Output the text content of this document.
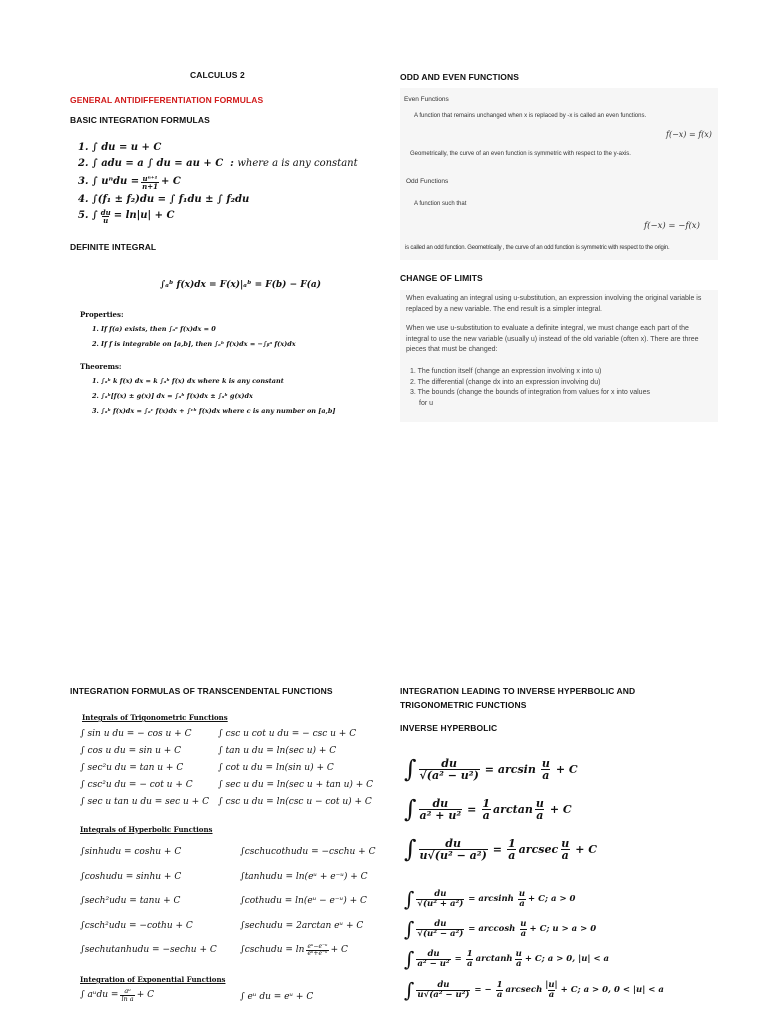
CALCULUS 2
GENERAL ANTIDIFFERENTIATION FORMULAS
BASIC INTEGRATION FORMULAS
1. ∫ du = u + C
2. ∫ adu = a ∫ du = au + C  : where a is any constant
3. ∫ $u^ndu = \frac{\text{uⁿ⁺¹}}{n+1} + C$
4. ∫(f₁ ± f₂)du = ∫ f₁du ± ∫ f₂du
5. ∫ $\frac{du}{u} = \ln|u| + C$
DEFINITE INTEGRAL
∫ₐᵇ f(x)dx = F(x)|ₐᵇ = F(b) − F(a)
Properties:
1. If f(a) exists, then ∫ₐᵃ f(x)dx = 0
2. If f is integrable on [a,b], then ∫ₐᵇ f(x)dx = −∫ᵦᵃ f(x)dx
Theorems:
1. ∫ₐᵇ k f(x) dx = k ∫ₐᵇ f(x) dx where k is any constant
2. ∫ₐᵇ[f(x) ± g(x)] dx = ∫ₐᵇ f(x)dx ± ∫ₐᵇ g(x)dx
3. ∫ₐᵇ f(x)dx = ∫ₐᶜ f(x)dx + ∫ᶜᵇ f(x)dx where c is any number on [a,b]
ODD AND EVEN FUNCTIONS
Even Functions
A function that remains unchanged when x is replaced by -x is called an even functions.
f(−x) = f(x)
Geometrically, the curve of an even function is symmetric with respect to the y-axis.
Odd Functions
A function such that
f(−x) = −f(x)
is called an odd function. Geometrically , the curve of an odd function is symmetric with respect to the origin.
CHANGE OF LIMITS
When evaluating an integral using u-substitution, an expression involving the original variable is replaced by a new variable. The end result is a simpler integral.
When we use u-substitution to evaluate a definite integral, we must change each part of the integral to use the new variable (usually u) instead of the old variable (often x). There are three pieces that must be changed:
1. The function itself (change an expression involving x into u)
2. The differential (change dx into an expression involving du)
3. The bounds (change the bounds of integration from values for x into values
for u
INTEGRATION FORMULAS OF TRANSCENDENTAL FUNCTIONS
Integrals of Trigonometric Functions
∫ sin u du = − cos u + C
∫ cos u du = sin u + C
∫ sec²u du = tan u + C
∫ csc²u du = − cot u + C
∫ sec u tan u du = sec u + C
∫ csc u cot u du = − csc u + C
∫ tan u du = ln(sec u) + C
∫ cot u du = ln(sin u) + C
∫ sec u du = ln(sec u + tan u) + C
∫ csc u du = ln(csc u − cot u) + C
Integrals of Hyperbolic Functions
∫sinhudu = coshu + C
∫coshudu = sinhu + C
∫sech²udu = tanu + C
∫csch²udu = −cothu + C
∫sechutanhudu = −sechu + C
∫cschucothudu = −cschu + C
∫tanhudu = ln(eᵘ + e⁻ᵘ) + C
∫cothudu = ln(eᵘ − e⁻ᵘ) + C
∫sechudu = 2arctan eᵘ + C
∫cschudu = ln eᵘ−e⁻ᵘ
eᵘ+e⁻ᵘ + C
Integration of Exponential Functions
∫ aᵘdu = $\frac{\text{aᵘ}}{\text{ln a}} + C$	∫ eᵘ du = eᵘ + C
INTEGRATION LEADING TO INVERSE HYPERBOLIC AND
TRIGONOMETRIC FUNCTIONS
INVERSE HYPERBOLIC
∫ $\frac{du}{\text{√(a² − u²)}} = \arcsin u$
a + C
∫ $\frac{du}{\text{a² + u²}} = \frac{1}{a}$ arctan u
a + C
∫ $\frac{du}{\text{u√(u² − a²)}} = \frac{1}{a}$ arcsec u
a + C
∫ $\frac{du}{\text{√(u² + a²)}} = \arcsin h$ u
a + C; a > 0
∫ $\frac{du}{\text{√(u² − a²)}} = \arccos h$ u
a + C; u > a > 0
∫ $\frac{du}{\text{a² − u²}} = \frac{1}{a}$ arctanh u
a + C; a > 0, |u| < a
∫ $\frac{du}{\text{u√(a² − u²)}}$ = − $\frac{1}{a}$ arcsech |u|
a + C; a > 0, 0 < |u| < a
